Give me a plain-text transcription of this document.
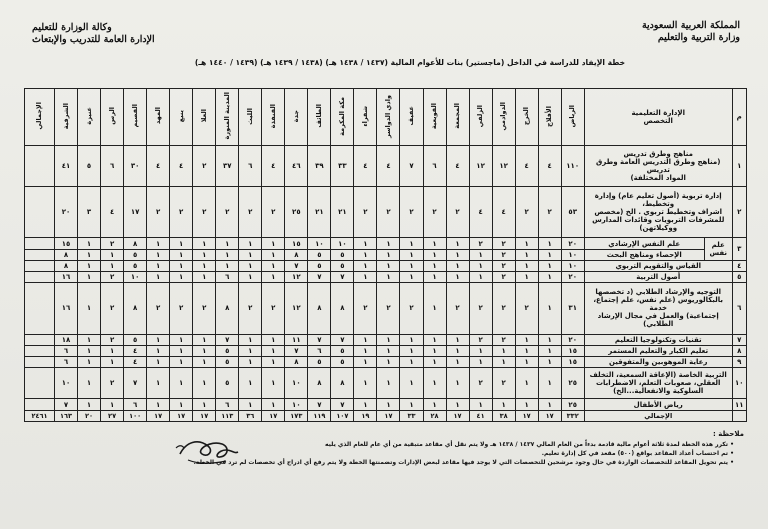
المملكة العربية السعودية
وزارة التربية والتعليم
وكالة الوزارة للتعليم
الإدارة العامة للتدريب والإبتعاث
خطة الإيفاد للدراسة في الداخل (ماجستير) بنات للأعوام المالية (١٤٣٧ / ١٤٣٨ هـ) (١٤٣٨ / ١٤٣٩ هـ) (١٤٣٩ / ١٤٤٠ هـ)
م	الإدارة التعليمية
التخصص		الرياض	الأفلاج	الخرج	الدوادمي	الزلفي	المجمعة	القويعية	عفيف	وادي الدواسر	شقراء	مكة المكرمة	الطائف	جدة	القنفذة	الليث	المدينة المنورة	العلا	ينبع	المهد	القصيم	الرس	عنيزة	الشرقية	الإجمالي
١	مناهج وطرق تدريس
(مناهج وطرق التدريس العامة وطرق تدريس
المواد المختلفة)		١١٠	٤	٤	١٢	١٢	٤	٦	٧	٤	٤	٣٣	٣٩	٤٦	٤	٦	٣٧	٢	٤	٤	٣٠	٦	٥	٤١	
٢	إدارة تربوية (أصول تعليم عام) وإدارة وتخطيط،
اشراف وتخطيط تربوي . الخ (مخصص
للمشرفات التربويات وقائدات المدارس ووكيلاتهن)		٥٣	٢	٢	٤	٤	٢	٢	٢	٢	٢	٢١	٢١	٢٥	٢	٢	٢	٢	٢	٢	١٧	٤	٣	٢٠	
٣	علم نفس	علم النفس الإرشادي	٢٠	١	١	٢	٢	١	١	١	١	١	١٠	١٠	١٥	١	١	١	١	١	١	٨	٢	١	١٥	
		الإحصاء ومناهج البحث	١٠	١	١	٢	١	١	١	١	١	١	٥	٥	٨	١	١	١	١	١	١	٥	١	١	٨	
٤	القياس والتقويم التربوي		١٠	١	١	٢	١	١	١	١	١	١	٥	٥	٧	١	١	١	١	١	١	٥	١	١	٨	
٥	أصول التربية		٢٠	١	١	٢	١	١	١	١	١	١	٧	٧	١٢	١	١	٦	١	١	١	١٠	٢	١	١٦	
٦	التوجيه والإرشاد الطلابي (د تخصصها
بالبكالوريوس (علم نفس، علم إجتماع، خدمة
إجتماعية) والعمل في مجال الإرشاد الطلابي)		٣١	١	٢	٢	٢	٢	١	٢	٢	٢	٨	٨	١٢	٢	٢	٨	٢	٢	٢	٨	٢	١	١٦	
٧	تقنيات وتكنولوجيا التعليم		٢٠	١	١	٢	٢	١	١	١	١	١	٧	٧	١١	١	١	٧	١	١	١	٥	٢	١	١٨	
٨	تعليم الكبار والتعليم المستمر		١٥	١	١	١	١	١	١	١	١	١	٥	٦	٧	١	١	٥	١	١	١	٤	١	١	٦	
٩	رعاية الموهوبين والمتفوقين		١٥	١	١	١	١	١	١	١	١	١	٥	٥	٨	١	١	٥	١	١	١	٤	١	١	٦	
١٠	التربية الخاصة (الإعاقة السمعية، التخلف
العقلي، صعوبات التعلم، الاضطرابات
السلوكية والانفعالية...الخ)		٢٥	١	١	٢	٢	١	١	١	١	١	٨	٨	١٠	١	١	٥	١	١	١	٧	٢	١	١٠	
١١	رياض الأطفال		٢٥	١	١	١	١	١	١	١	١	١	٧	٧	١٠	١	١	٦	١	١	١	٦	١	١	٧	
	الإجمالي		٣٣٢	١٧	١٧	٣٨	٤١	١٧	٢٨	٣٣	١٧	١٩	١٠٧	١١٩	١٧٣	١٧	٣٦	١١٣	١٧	١٧	١٧	١٠٠	٢٧	٢٠	١٦٣	٢٤٦١
ملاحظة :
• تكرر هذه الخطة لمدة ثلاثة أعوام مالية قادمة بدءاً من العام المالي ١٤٣٧ / ١٤٣٨ هـ ولا يتم نقل أي مقاعد متبقية من أي عام للعام الذي يليه
• تم احتساب أعداد المقاعد بواقع (٥٠٠) مقعد في كل إدارة تعليم.
• يتم تحويل المقاعد للتخصصات الواردة في حال وجود مرشحين للتخصصات التي لا يوجد فيها مقاعد لبعض الإدارات وتضمنتها الخطة ولا يتم رفع أي ادراج أي تخصصات لم ترد في الخطة.
